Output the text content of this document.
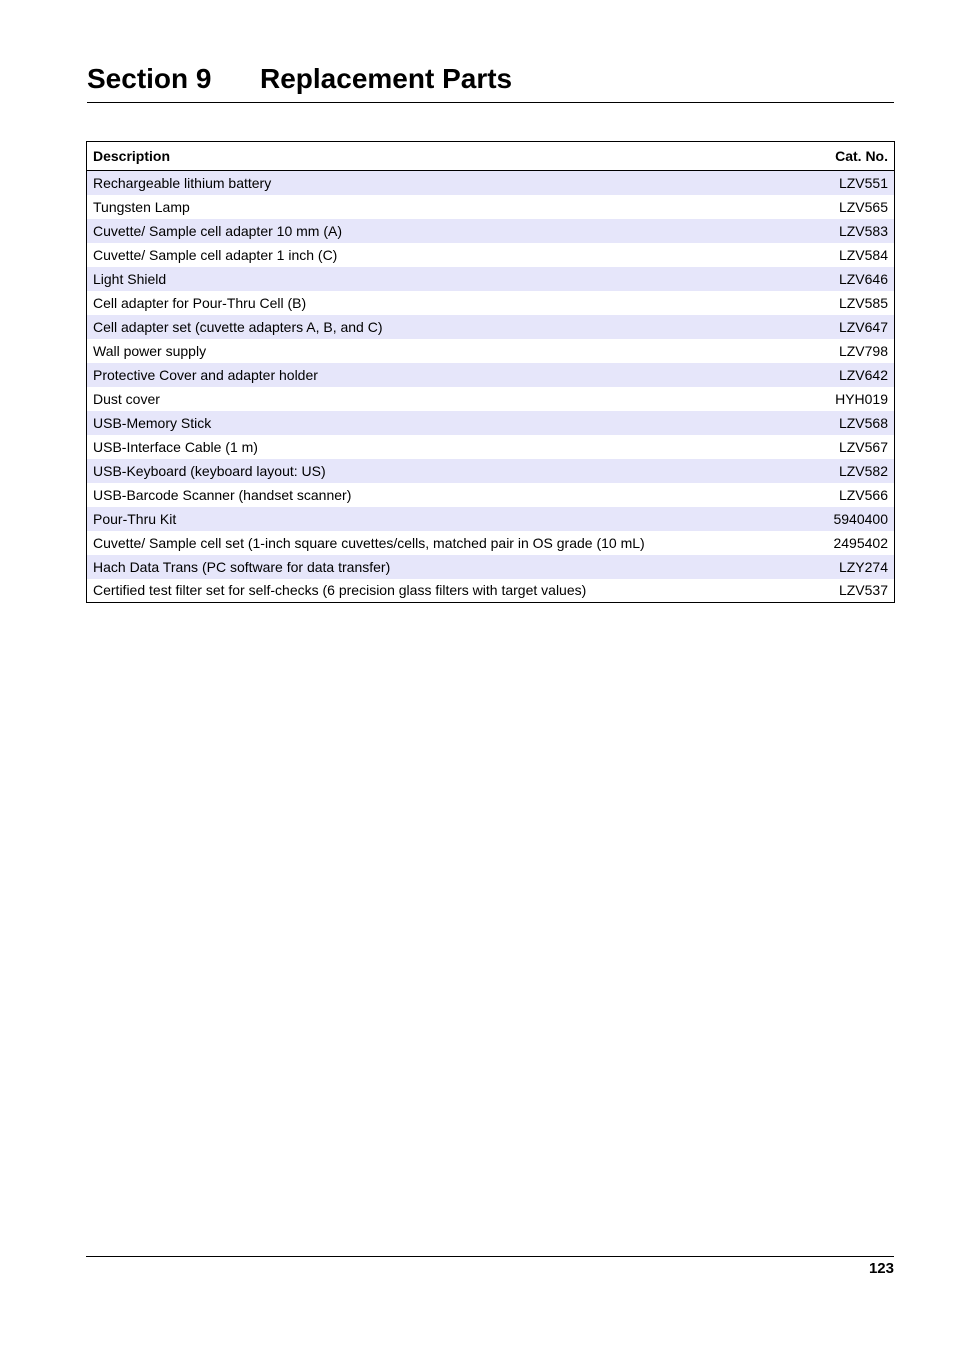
Section 9 Replacement Parts
Description	Cat. No.
Rechargeable lithium battery	LZV551
Tungsten Lamp	LZV565
Cuvette/ Sample cell adapter 10 mm (A)	LZV583
Cuvette/ Sample cell adapter 1 inch (C)	LZV584
Light Shield	LZV646
Cell adapter for Pour-Thru Cell (B)	LZV585
Cell adapter set (cuvette adapters A, B, and C)	LZV647
Wall power supply	LZV798
Protective Cover and adapter holder	LZV642
Dust cover	HYH019
USB-Memory Stick	LZV568
USB-Interface Cable (1 m)	LZV567
USB-Keyboard (keyboard layout: US)	LZV582
USB-Barcode Scanner (handset scanner)	LZV566
Pour-Thru Kit	5940400
Cuvette/ Sample cell set (1-inch square cuvettes/cells, matched pair in OS grade (10 mL)	2495402
Hach Data Trans (PC software for data transfer)	LZY274
Certified test filter set for self-checks (6 precision glass filters with target values)	LZV537
123
